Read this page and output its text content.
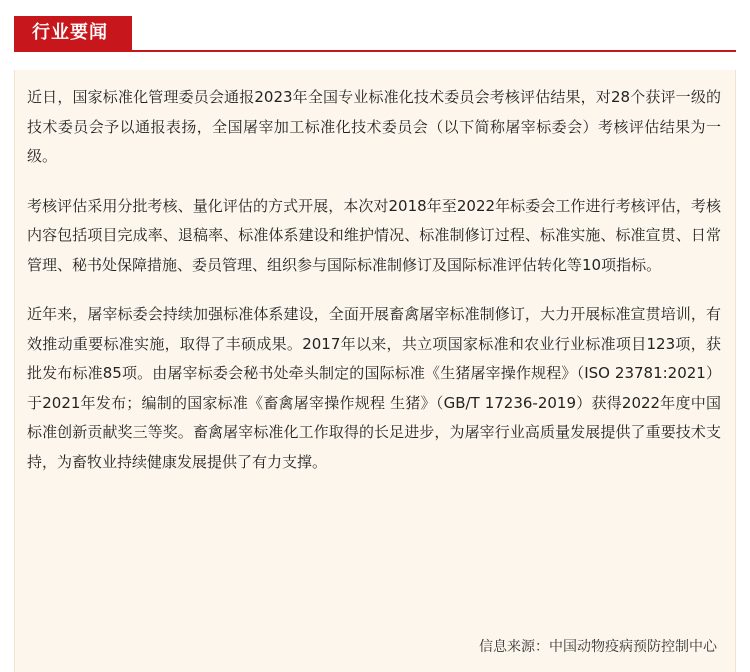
行业要闻

近日，国家标准化管理委员会通报2023年全国专业标准化技术委员会考核评估结果，对28个获评一级的技术委员会予以通报表扬，全国屠宰加工标准化技术委员会（以下简称屠宰标委会）考核评估结果为一级。

考核评估采用分批考核、量化评估的方式开展，本次对2018年至2022年标委会工作进行考核评估，考核内容包括项目完成率、退稿率、标准体系建设和维护情况、标准制修订过程、标准实施、标准宣贯、日常管理、秘书处保障措施、委员管理、组织参与国际标准制修订及国际标准评估转化等10项指标。

近年来，屠宰标委会持续加强标准体系建设，全面开展畜禽屠宰标准制修订，大力开展标准宣贯培训，有效推动重要标准实施，取得了丰硕成果。2017年以来，共立项国家标准和农业行业标准项目123项，获批发布标准85项。由屠宰标委会秘书处牵头制定的国际标准《生猪屠宰操作规程》（ISO 23781:2021）于2021年发布；编制的国家标准《畜禽屠宰操作规程 生猪》（GB/T 17236-2019）获得2022年度中国标准创新贡献奖三等奖。畜禽屠宰标准化工作取得的长足进步，为屠宰行业高质量发展提供了重要技术支持，为畜牧业持续健康发展提供了有力支撑。

信息来源：中国动物疫病预防控制中心
